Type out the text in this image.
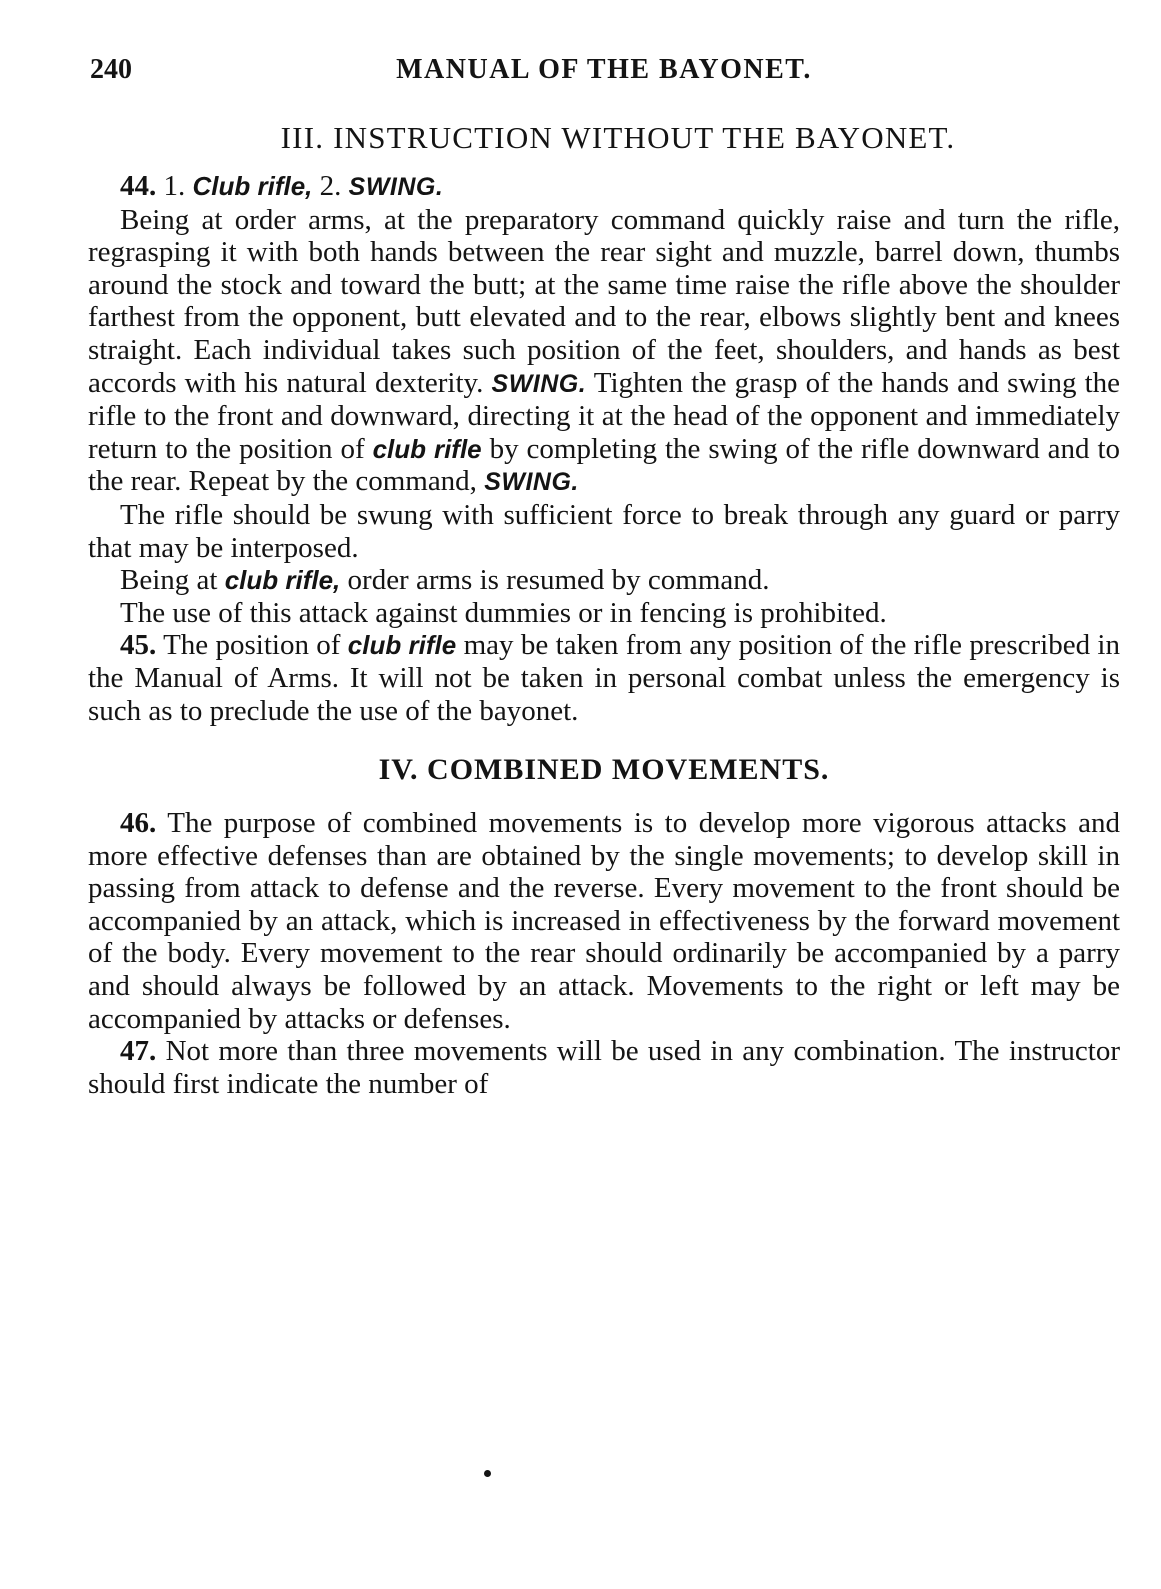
240	MANUAL OF THE BAYONET.
III. INSTRUCTION WITHOUT THE BAYONET.

44. 1. Club rifle, 2. SWING.

Being at order arms, at the preparatory command quickly raise and turn the rifle, regrasping it with both hands between the rear sight and muzzle, barrel down, thumbs around the stock and toward the butt; at the same time raise the rifle above the shoulder farthest from the opponent, butt elevated and to the rear, elbows slightly bent and knees straight. Each individual takes such position of the feet, shoulders, and hands as best accords with his natural dexterity. SWING. Tighten the grasp of the hands and swing the rifle to the front and downward, directing it at the head of the opponent and immediately return to the position of club rifle by completing the swing of the rifle downward and to the rear. Repeat by the command, SWING.

The rifle should be swung with sufficient force to break through any guard or parry that may be interposed.

Being at club rifle, order arms is resumed by command.

The use of this attack against dummies or in fencing is prohibited.

45. The position of club rifle may be taken from any position of the rifle prescribed in the Manual of Arms. It will not be taken in personal combat unless the emergency is such as to preclude the use of the bayonet.

IV. COMBINED MOVEMENTS.

46. The purpose of combined movements is to develop more vigorous attacks and more effective defenses than are obtained by the single movements; to develop skill in passing from attack to defense and the reverse. Every movement to the front should be accompanied by an attack, which is increased in effectiveness by the forward movement of the body. Every movement to the rear should ordinarily be accompanied by a parry and should always be followed by an attack. Movements to the right or left may be accompanied by attacks or defenses.

47. Not more than three movements will be used in any combination. The instructor should first indicate the number of
